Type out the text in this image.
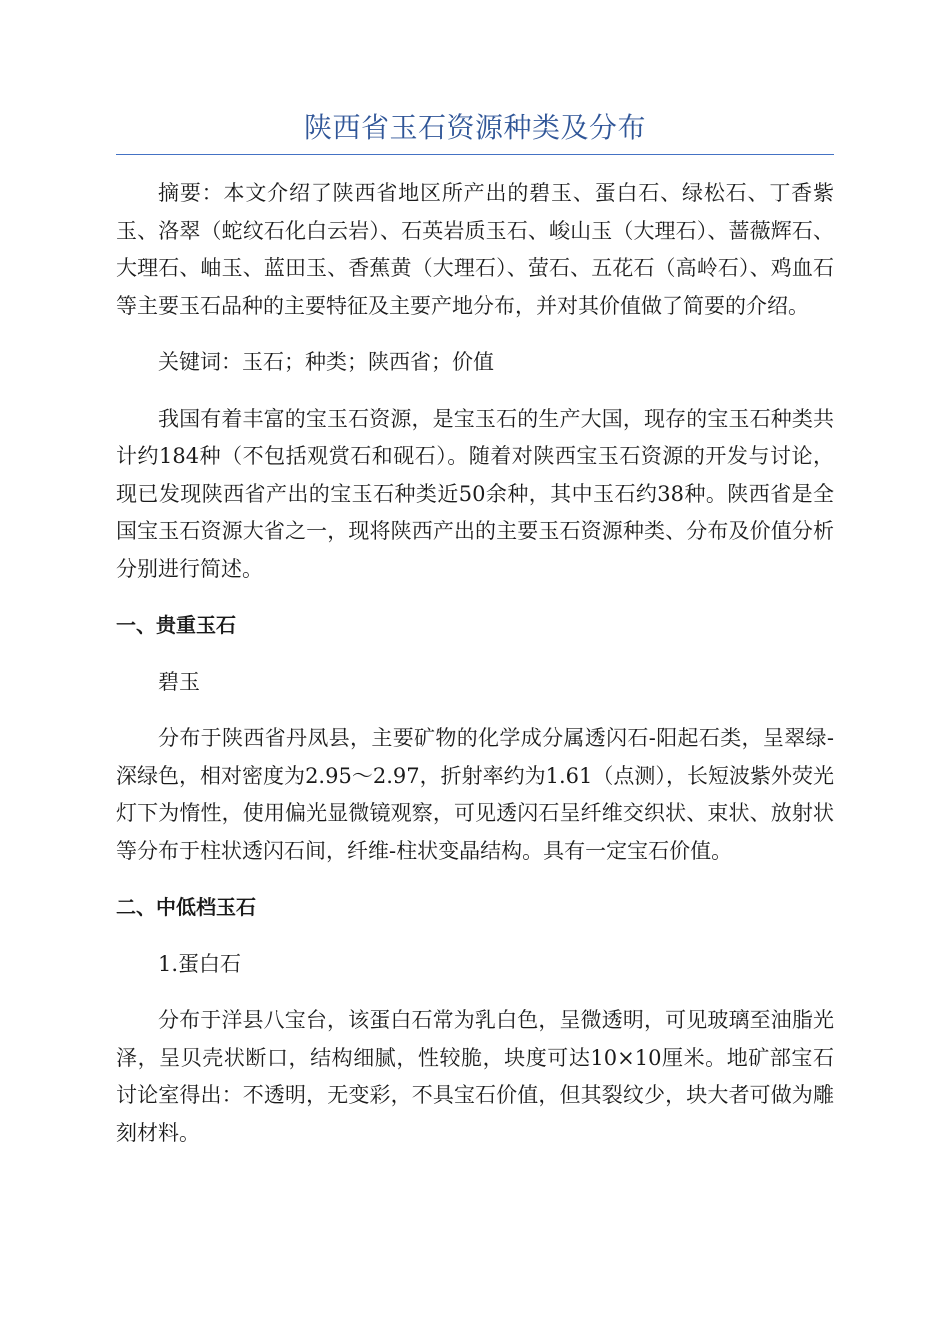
陕西省玉石资源种类及分布

摘要：本文介绍了陕西省地区所产出的碧玉、蛋白石、绿松石、丁香紫玉、洛翠（蛇纹石化白云岩）、石英岩质玉石、峻山玉（大理石）、蔷薇辉石、大理石、岫玉、蓝田玉、香蕉黄（大理石）、萤石、五花石（高岭石）、鸡血石等主要玉石品种的主要特征及主要产地分布，并对其价值做了简要的介绍。

关键词：玉石；种类；陕西省；价值

我国有着丰富的宝玉石资源，是宝玉石的生产大国，现存的宝玉石种类共计约184种（不包括观赏石和砚石）。随着对陕西宝玉石资源的开发与讨论，现已发现陕西省产出的宝玉石种类近50余种，其中玉石约38种。陕西省是全国宝玉石资源大省之一，现将陕西产出的主要玉石资源种类、分布及价值分析分别进行简述。

一、贵重玉石

碧玉

分布于陕西省丹凤县，主要矿物的化学成分属透闪石-阳起石类，呈翠绿-深绿色，相对密度为2.95～2.97，折射率约为1.61（点测），长短波紫外荧光灯下为惰性，使用偏光显微镜观察，可见透闪石呈纤维交织状、束状、放射状等分布于柱状透闪石间，纤维-柱状变晶结构。具有一定宝石价值。

二、中低档玉石

1.蛋白石

分布于洋县八宝台，该蛋白石常为乳白色，呈微透明，可见玻璃至油脂光泽，呈贝壳状断口，结构细腻，性较脆，块度可达10×10厘米。地矿部宝石讨论室得出：不透明，无变彩，不具宝石价值，但其裂纹少，块大者可做为雕刻材料。
